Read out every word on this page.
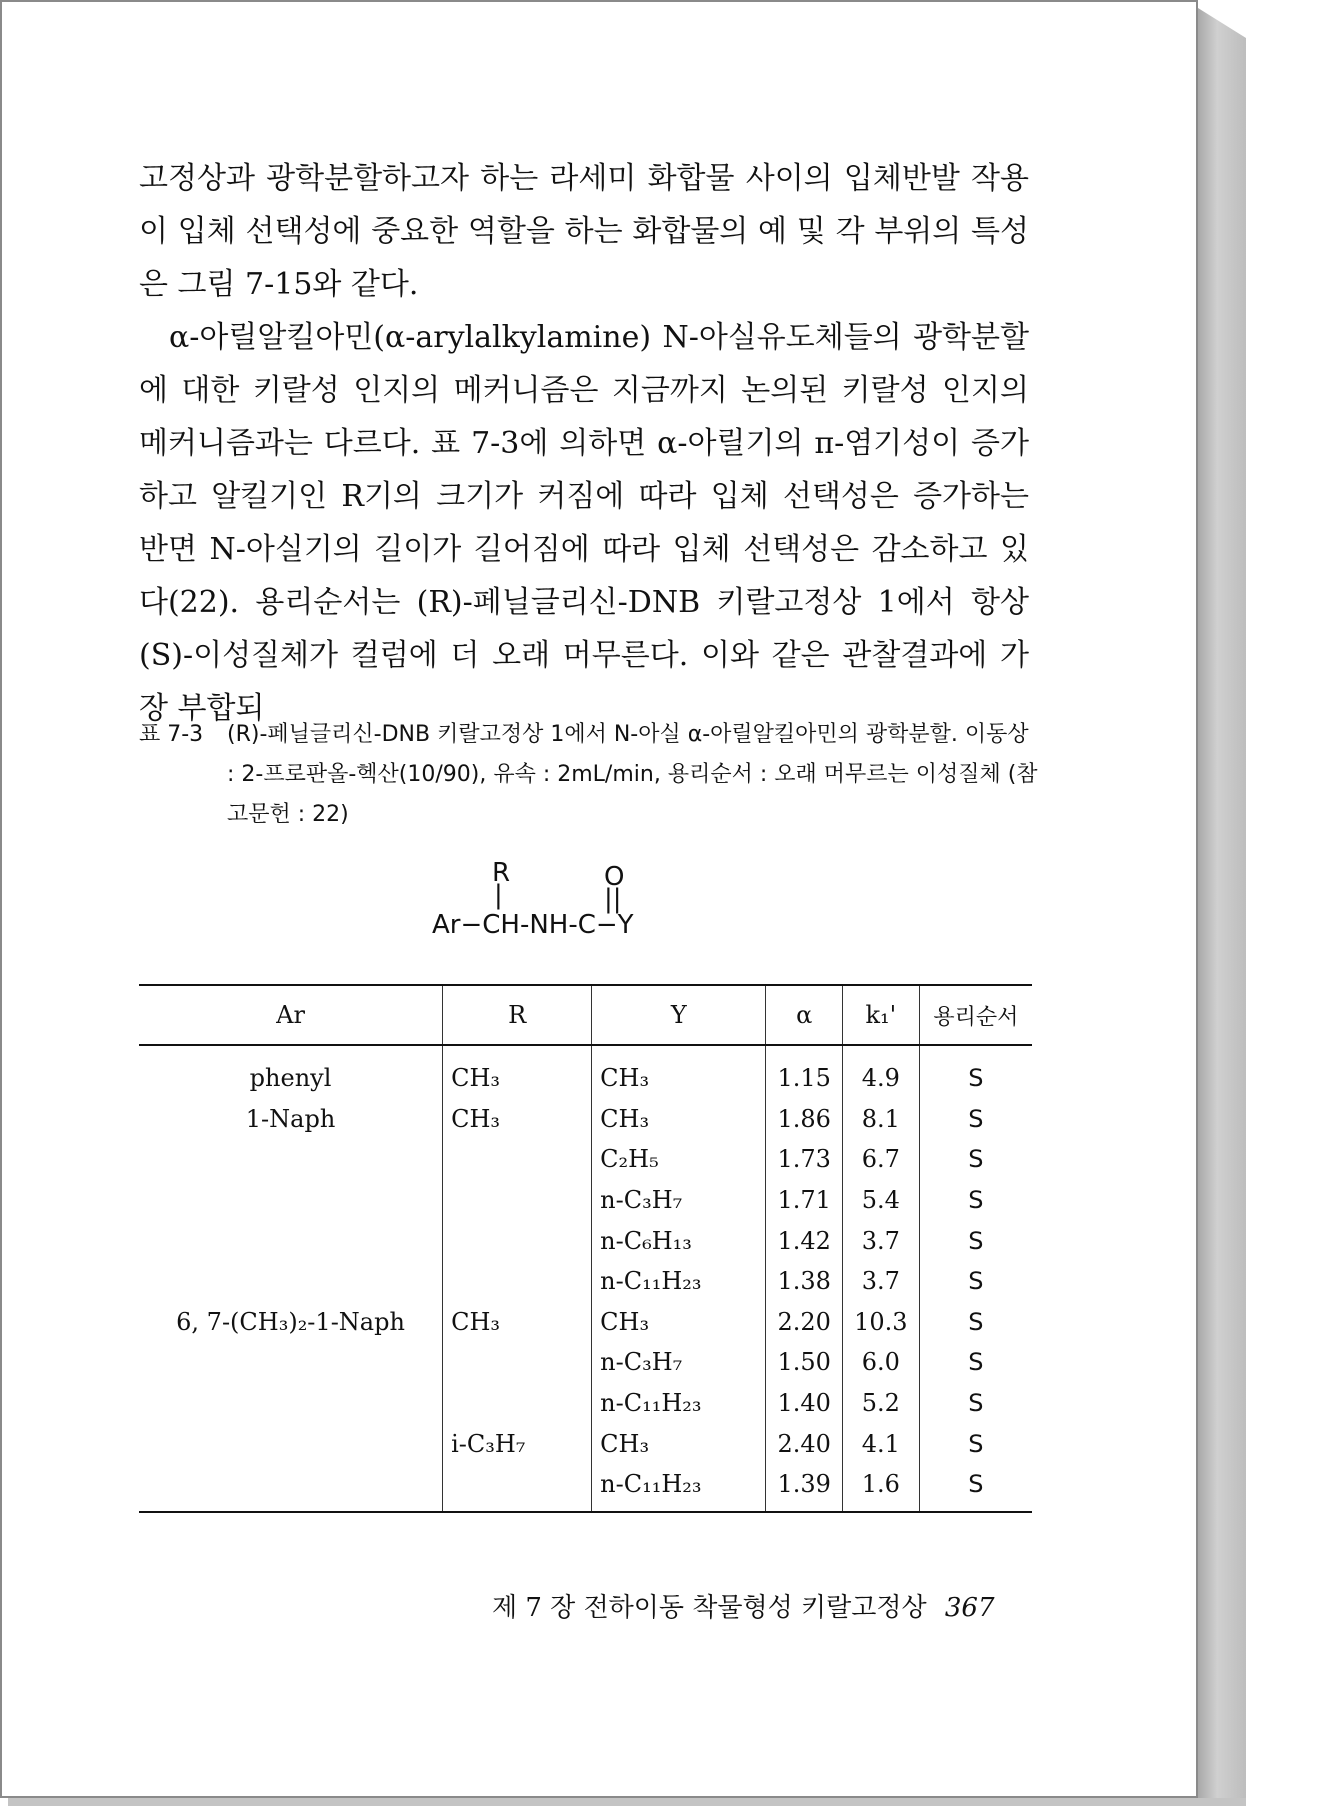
고정상과 광학분할하고자 하는 라세미 화합물 사이의 입체반발 작용이 입체 선택성에 중요한 역할을 하는 화합물의 예 및 각 부위의 특성은 그림 7-15와 같다.

α-아릴알킬아민(α-arylalkylamine) N-아실유도체들의 광학분할에 대한 키랄성 인지의 메커니즘은 지금까지 논의된 키랄성 인지의 메커니즘과는 다르다. 표 7-3에 의하면 α-아릴기의 π-염기성이 증가하고 알킬기인 R기의 크기가 커짐에 따라 입체 선택성은 증가하는 반면 N-아실기의 길이가 길어짐에 따라 입체 선택성은 감소하고 있다(22). 용리순서는 (R)-페닐글리신-DNB 키랄고정상 1에서 항상 (S)-이성질체가 컬럼에 더 오래 머무른다. 이와 같은 관찰결과에 가장 부합되

표 7-3	(R)-페닐글리신-DNB 키랄고정상 1에서 N-아실 α-아릴알킬아민의 광학분할. 이동상 : 2-프로판올-헥산(10/90), 유속 : 2mL/min, 용리순서 : 오래 머무르는 이성질체 (참고문헌 : 22)
R
|
O
||
Ar−CH-NH-C−Y
Ar	R	Y	α	k₁'	용리순서
phenyl	CH₃	CH₃	1.15	4.9	S
1-Naph	CH₃	CH₃	1.86	8.1	S
		C₂H₅	1.73	6.7	S
		n-C₃H₇	1.71	5.4	S
		n-C₆H₁₃	1.42	3.7	S
		n-C₁₁H₂₃	1.38	3.7	S
6, 7-(CH₃)₂-1-Naph	CH₃	CH₃	2.20	10.3	S
		n-C₃H₇	1.50	6.0	S
		n-C₁₁H₂₃	1.40	5.2	S
	i-C₃H₇	CH₃	2.40	4.1	S
		n-C₁₁H₂₃	1.39	1.6	S
제 7 장 전하이동 착물형성 키랄고정상 367
